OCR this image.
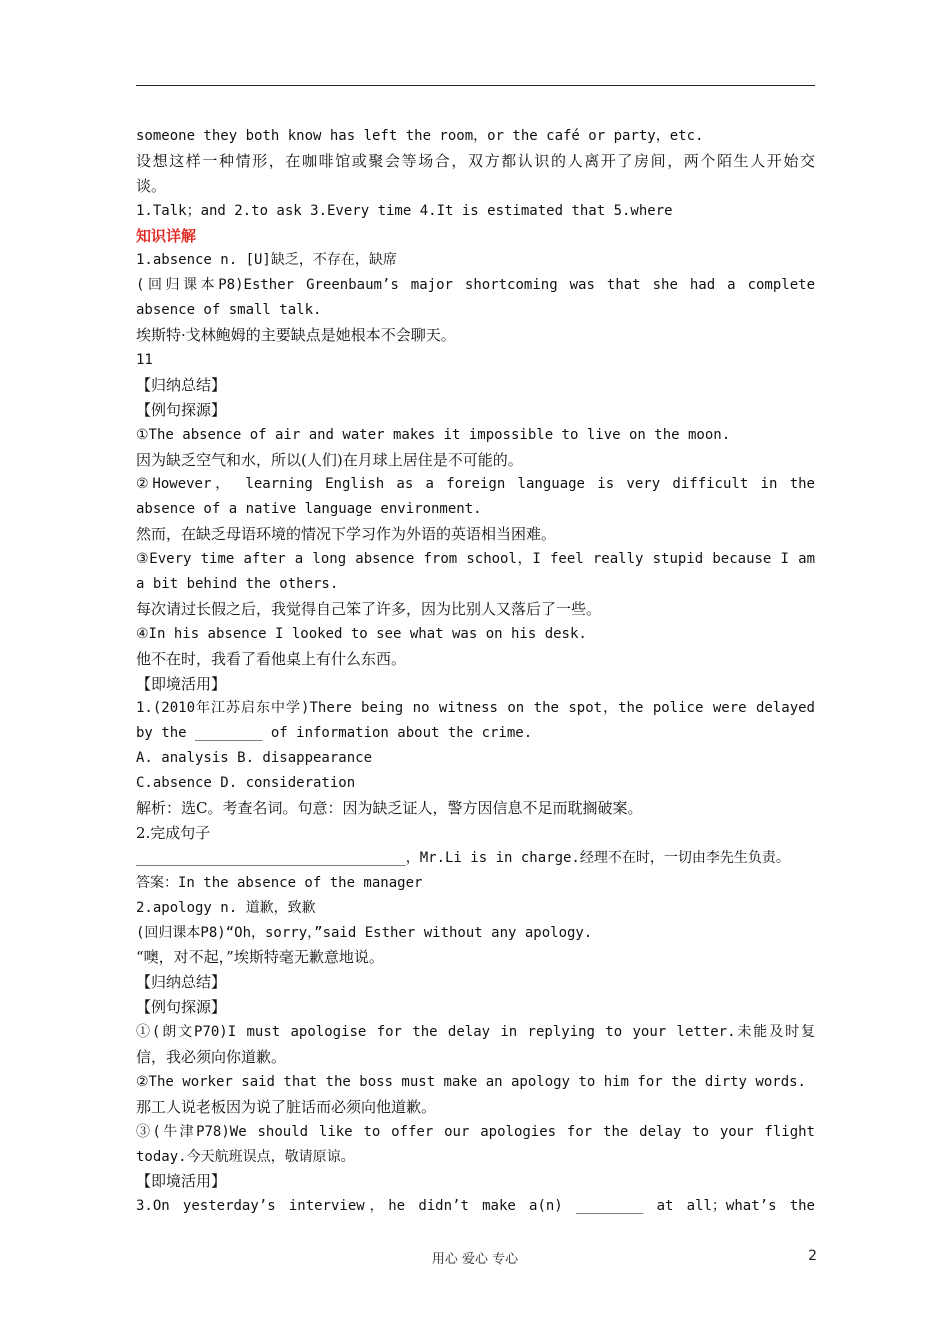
someone they both know has left the room，or the café or party，etc.
设想这样一种情形，在咖啡馆或聚会等场合，双方都认识的人离开了房间，两个陌生人开始交
谈。
1.Talk；and 2.to ask 3.Every time 4.It is estimated that 5.where
知识详解
1.absence n. [U]缺乏，不存在，缺席
(回归课本P8)Esther Greenbaum’s major shortcoming was that she had a complete
absence of small talk.
埃斯特·戈林鲍姆的主要缺点是她根本不会聊天。
11
【归纳总结】
【例句探源】
①The absence of air and water makes it impossible to live on the moon.
因为缺乏空气和水，所以(人们)在月球上居住是不可能的。
②However， learning English as a foreign language is very difficult in the
absence of a native language environment.
然而，在缺乏母语环境的情况下学习作为外语的英语相当困难。
③Every time after a long absence from school，I feel really stupid because I am
a bit behind the others.
每次请过长假之后，我觉得自己笨了许多，因为比别人又落后了一些。
④In his absence I looked to see what was on his desk.
他不在时，我看了看他桌上有什么东西。
【即境活用】
1.(2010年江苏启东中学)There being no witness on the spot，the police were delayed
by the ________ of information about the crime.
A. analysis B. disappearance
C.absence D. consideration
解析：选C。考查名词。句意：因为缺乏证人，警方因信息不足而耽搁破案。
2.完成句子
________________________________，Mr.Li is in charge.经理不在时，一切由李先生负责。
答案：In the absence of the manager
2.apology n. 道歉，致歉
(回归课本P8)“Oh，sorry，”said Esther without any apology.
“噢，对不起，”埃斯特毫无歉意地说。
【归纳总结】
【例句探源】
①(朗文P70)I must apologise for the delay in replying to your letter.未能及时复
信，我必须向你道歉。
②The worker said that the boss must make an apology to him for the dirty words.
那工人说老板因为说了脏话而必须向他道歉。
③(牛津P78)We should like to offer our apologies for the delay to your flight
today.今天航班误点，敬请原谅。
【即境活用】
3.On yesterday’s interview，he didn’t make a(n) ________ at all；what’s the
用心 爱心 专心	2
